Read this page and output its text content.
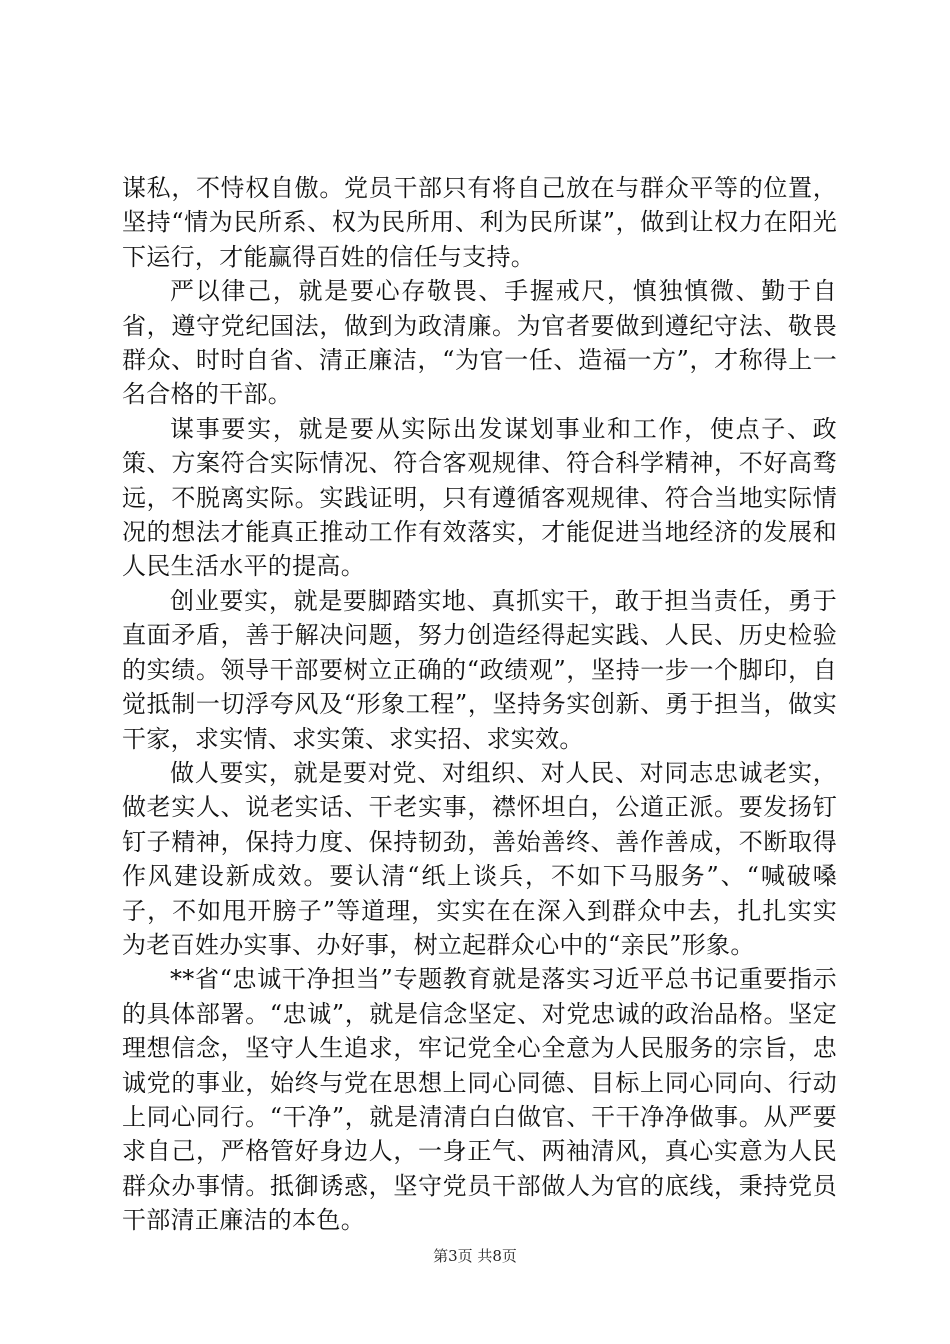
谋私，不恃权自傲。党员干部只有将自己放在与群众平等的位置，坚持“情为民所系、权为民所用、利为民所谋”，做到让权力在阳光下运行，才能赢得百姓的信任与支持。

严以律己，就是要心存敬畏、手握戒尺，慎独慎微、勤于自省，遵守党纪国法，做到为政清廉。为官者要做到遵纪守法、敬畏群众、时时自省、清正廉洁，“为官一任、造福一方”，才称得上一名合格的干部。

谋事要实，就是要从实际出发谋划事业和工作，使点子、政策、方案符合实际情况、符合客观规律、符合科学精神，不好高骛远，不脱离实际。实践证明，只有遵循客观规律、符合当地实际情况的想法才能真正推动工作有效落实，才能促进当地经济的发展和人民生活水平的提高。

创业要实，就是要脚踏实地、真抓实干，敢于担当责任，勇于直面矛盾，善于解决问题，努力创造经得起实践、人民、历史检验的实绩。领导干部要树立正确的“政绩观”，坚持一步一个脚印，自觉抵制一切浮夸风及“形象工程”，坚持务实创新、勇于担当，做实干家，求实情、求实策、求实招、求实效。

做人要实，就是要对党、对组织、对人民、对同志忠诚老实，做老实人、说老实话、干老实事，襟怀坦白，公道正派。要发扬钉钉子精神，保持力度、保持韧劲，善始善终、善作善成，不断取得作风建设新成效。要认清“纸上谈兵，不如下马服务”、“喊破嗓子，不如甩开膀子”等道理，实实在在深入到群众中去，扎扎实实为老百姓办实事、办好事，树立起群众心中的“亲民”形象。

**省“忠诚干净担当”专题教育就是落实习近平总书记重要指示的具体部署。“忠诚”，就是信念坚定、对党忠诚的政治品格。坚定理想信念，坚守人生追求，牢记党全心全意为人民服务的宗旨，忠诚党的事业，始终与党在思想上同心同德、目标上同心同向、行动上同心同行。“干净”，就是清清白白做官、干干净净做事。从严要求自己，严格管好身边人，一身正气、两袖清风，真心实意为人民群众办事情。抵御诱惑，坚守党员干部做人为官的底线，秉持党员干部清正廉洁的本色。

第3页 共8页
